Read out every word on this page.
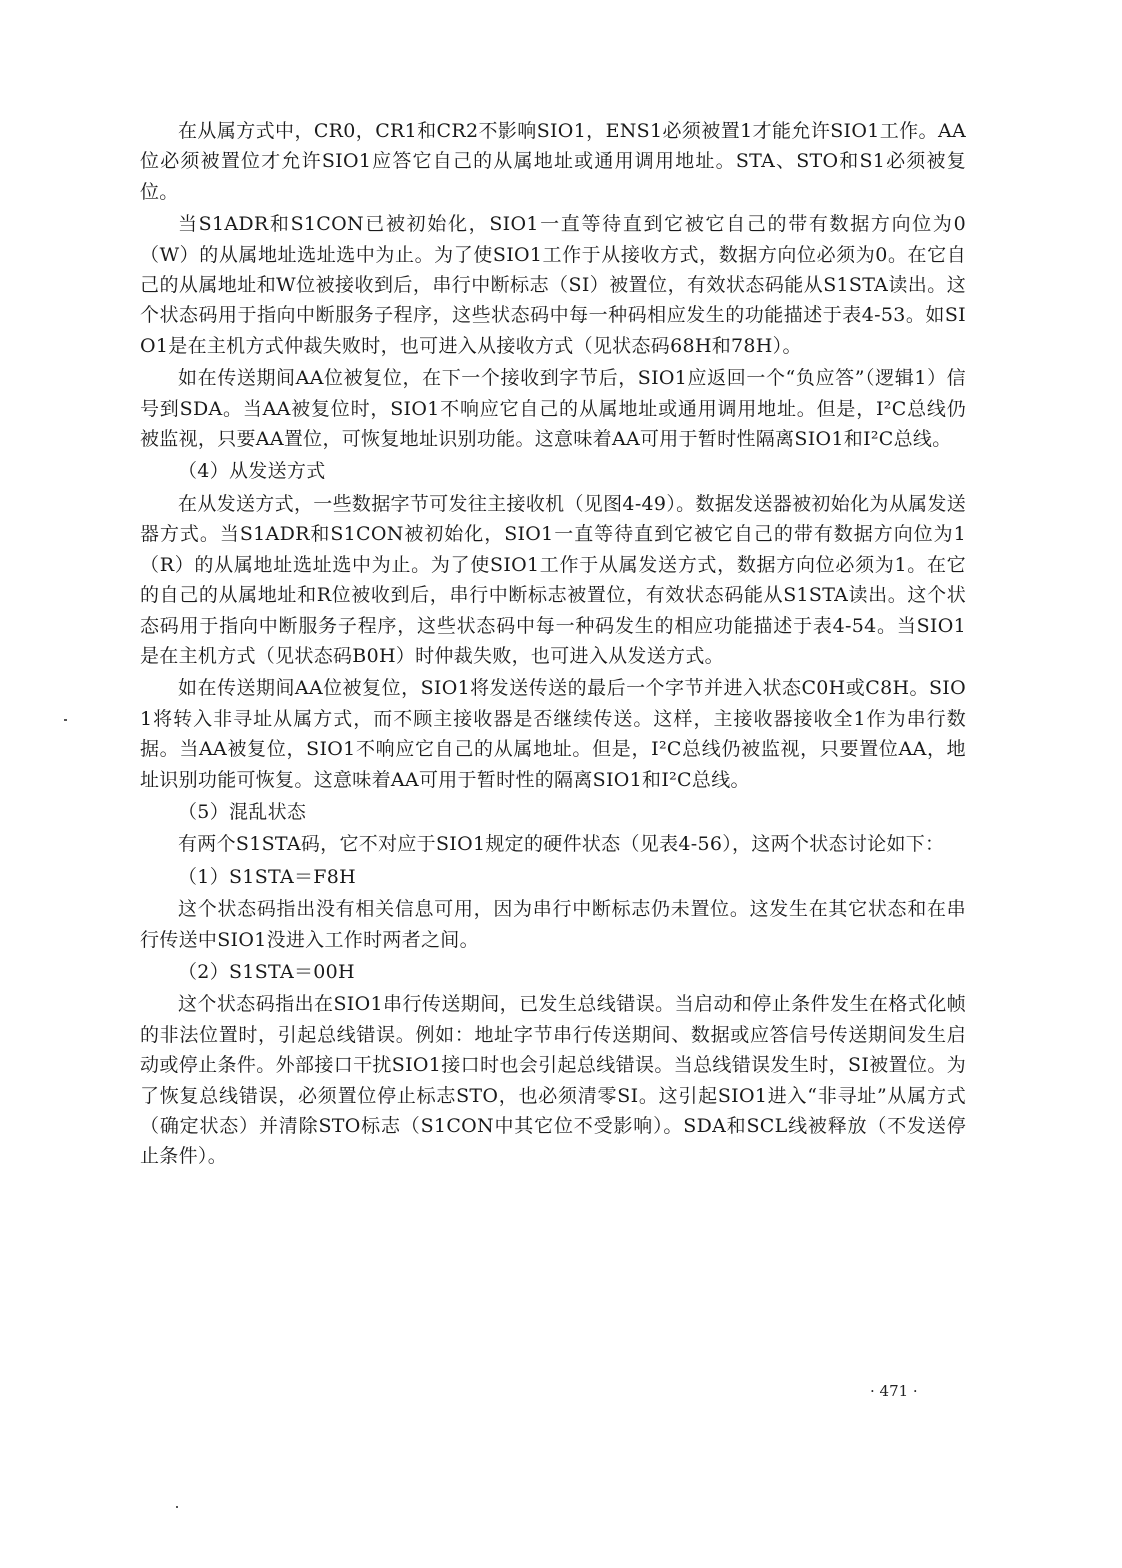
在从属方式中，CR0，CR1和CR2不影响SIO1，ENS1必须被置1才能允许SIO1工作。AA 位必须被置位才允许SIO1应答它自己的从属地址或通用调用地址。STA、STO和S1必须被复位。

当S1ADR和S1CON已被初始化，SIO1一直等待直到它被它自己的带有数据方向位为0（W）的从属地址选址选中为止。为了使SIO1工作于从接收方式，数据方向位必须为0。在它自己的从属地址和W位被接收到后，串行中断标志（SI）被置位，有效状态码能从S1STA读出。这个状态码用于指向中断服务子程序，这些状态码中每一种码相应发生的功能描述于表4-53。如SIO1是在主机方式仲裁失败时，也可进入从接收方式（见状态码68H和78H）。

如在传送期间AA位被复位，在下一个接收到字节后，SIO1应返回一个“负应答”（逻辑1）信号到SDA。当AA被复位时，SIO1不响应它自己的从属地址或通用调用地址。但是，I²C总线仍被监视，只要AA置位，可恢复地址识别功能。这意味着AA可用于暂时性隔离SIO1和I²C总线。

（4）从发送方式

在从发送方式，一些数据字节可发往主接收机（见图4-49）。数据发送器被初始化为从属发送器方式。当S1ADR和S1CON被初始化，SIO1一直等待直到它被它自己的带有数据方向位为1（R）的从属地址选址选中为止。为了使SIO1工作于从属发送方式，数据方向位必须为1。在它的自己的从属地址和R位被收到后，串行中断标志被置位，有效状态码能从S1STA读出。这个状态码用于指向中断服务子程序，这些状态码中每一种码发生的相应功能描述于表4-54。当SIO1是在主机方式（见状态码B0H）时仲裁失败，也可进入从发送方式。

如在传送期间AA位被复位，SIO1将发送传送的最后一个字节并进入状态C0H或C8H。SIO1将转入非寻址从属方式，而不顾主接收器是否继续传送。这样，主接收器接收全1作为串行数据。当AA被复位，SIO1不响应它自己的从属地址。但是，I²C总线仍被监视，只要置位AA，地址识别功能可恢复。这意味着AA可用于暂时性的隔离SIO1和I²C总线。

（5）混乱状态

有两个S1STA码，它不对应于SIO1规定的硬件状态（见表4-56），这两个状态讨论如下：

（1）S1STA＝F8H

这个状态码指出没有相关信息可用，因为串行中断标志仍未置位。这发生在其它状态和在串行传送中SIO1没进入工作时两者之间。

（2）S1STA＝00H

这个状态码指出在SIO1串行传送期间，已发生总线错误。当启动和停止条件发生在格式化帧的非法位置时，引起总线错误。例如：地址字节串行传送期间、数据或应答信号传送期间发生启动或停止条件。外部接口干扰SIO1接口时也会引起总线错误。当总线错误发生时，SI被置位。为了恢复总线错误，必须置位停止标志STO，也必须清零SI。这引起SIO1进入“非寻址”从属方式（确定状态）并清除STO标志（S1CON中其它位不受影响）。SDA和SCL线被释放（不发送停止条件）。

· 471 ·
